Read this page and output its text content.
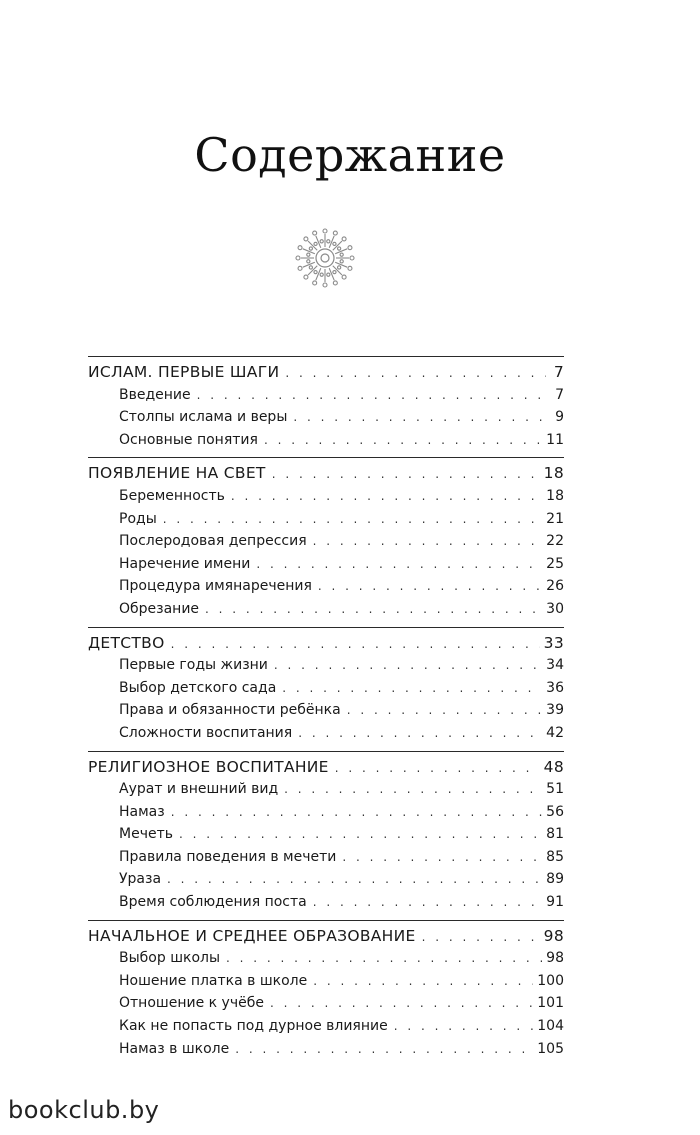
Содержание
ИСЛАМ. ПЕРВЫЕ ШАГИ . . .	7
Введение . . .	7
Столпы ислама и веры . . .	9
Основные понятия . . .	11
ПОЯВЛЕНИЕ НА СВЕТ . . .	18
Беременность . . .	18
Роды . . .	21
Послеродовая депрессия . . .	22
Наречение имени . . .	25
Процедура имянаречения . . .	26
Обрезание . . .	30
ДЕТСТВО . . .	33
Первые годы жизни . . .	34
Выбор детского сада . . .	36
Права и обязанности ребёнка . . .	39
Сложности воспитания . . .	42
РЕЛИГИОЗНОЕ ВОСПИТАНИЕ . . .	48
Аурат и внешний вид . . .	51
Намаз . . .	56
Мечеть . . .	81
Правила поведения в мечети . . .	85
Ураза . . .	89
Время соблюдения поста . . .	91
НАЧАЛЬНОЕ И СРЕДНЕЕ ОБРАЗОВАНИЕ . . .	98
Выбор школы . . .	98
Ношение платка в школе . . .	100
Отношение к учёбе . . .	101
Как не попасть под дурное влияние . . .	104
Намаз в школе . . .	105
bookclub.by
